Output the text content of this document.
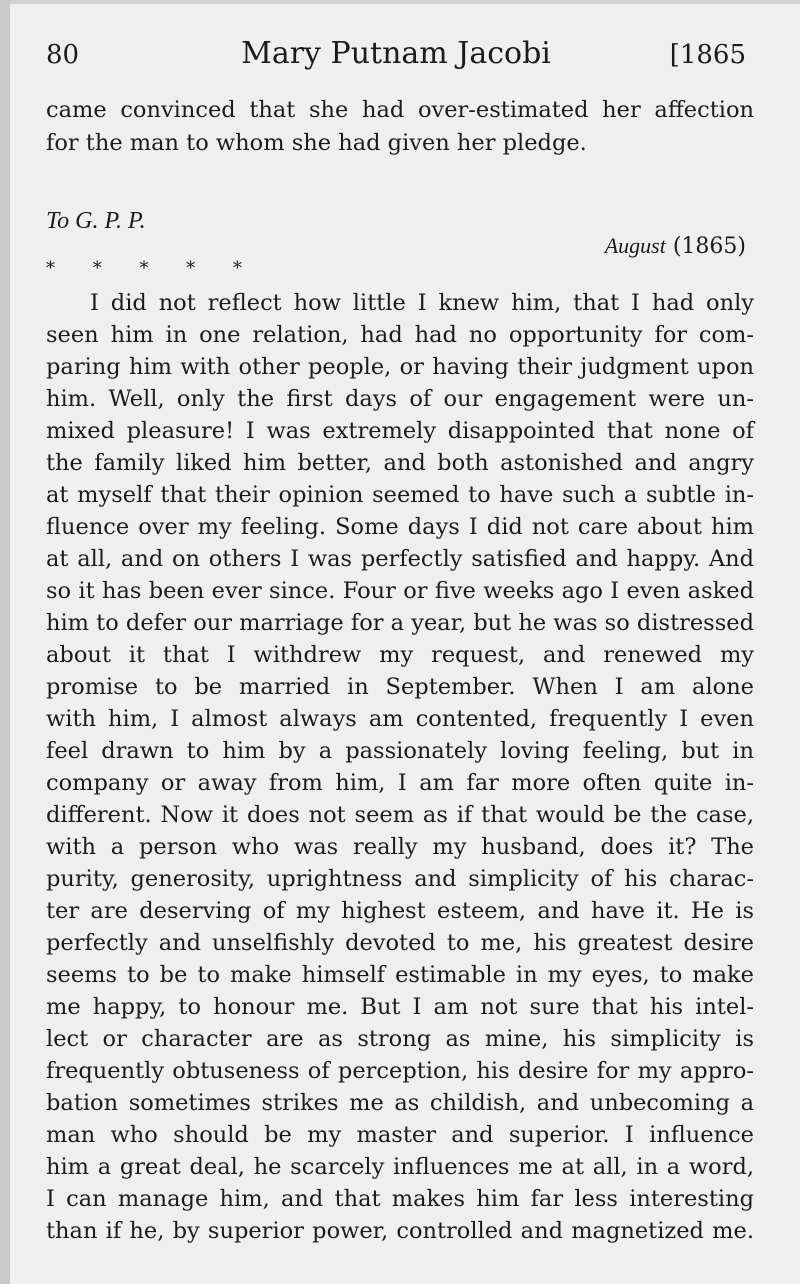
80	Mary Putnam Jacobi	[1865
came convinced that she had over-estimated her affection
for the man to whom she had given her pledge.
To G. P. P.
August (1865)
* * * * *
I did not reflect how little I knew him, that I had only
seen him in one relation, had had no opportunity for com-
paring him with other people, or having their judgment upon
him. Well, only the first days of our engagement were un-
mixed pleasure! I was extremely disappointed that none of
the family liked him better, and both astonished and angry
at myself that their opinion seemed to have such a subtle in-
fluence over my feeling. Some days I did not care about him
at all, and on others I was perfectly satisfied and happy. And
so it has been ever since. Four or five weeks ago I even asked
him to defer our marriage for a year, but he was so distressed
about it that I withdrew my request, and renewed my
promise to be married in September. When I am alone
with him, I almost always am contented, frequently I even
feel drawn to him by a passionately loving feeling, but in
company or away from him, I am far more often quite in-
different. Now it does not seem as if that would be the case,
with a person who was really my husband, does it? The
purity, generosity, uprightness and simplicity of his charac-
ter are deserving of my highest esteem, and have it. He is
perfectly and unselfishly devoted to me, his greatest desire
seems to be to make himself estimable in my eyes, to make
me happy, to honour me. But I am not sure that his intel-
lect or character are as strong as mine, his simplicity is
frequently obtuseness of perception, his desire for my appro-
bation sometimes strikes me as childish, and unbecoming a
man who should be my master and superior. I influence
him a great deal, he scarcely influences me at all, in a word,
I can manage him, and that makes him far less interesting
than if he, by superior power, controlled and magnetized me.
